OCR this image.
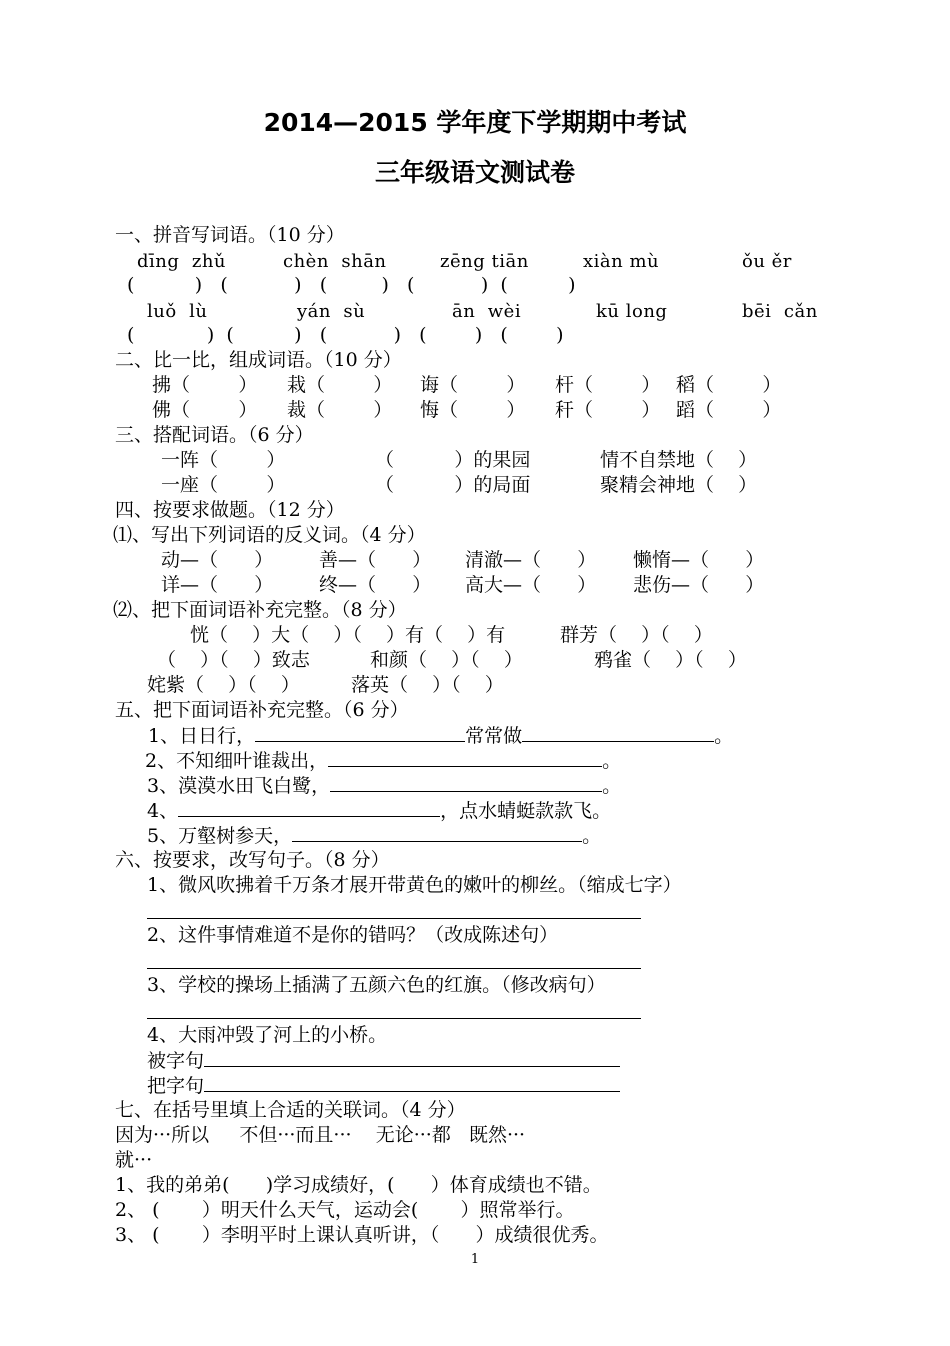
2014—2015 学年度下学期期中考试
三年级语文测试卷
一、拼音写词语。（10 分）
dīng  zhǔ	chèn  shān	zēng tiān	xiàn mù	ǒu ěr
(          )   (           )   (         )   (           )  (          )
luǒ  lù	yán  sù	ān  wèi	kū long	bēi  cǎn
(            )  (          )   (           )   (        )   (        )
二、比一比，组成词语。（10 分）
拂（        ） 栽（        ） 诲（        ） 杆（        ） 稻（        ）
佛（        ） 裁（        ） 悔（        ） 秆（        ） 蹈（        ）
三、搭配词语。（6 分）
一阵（        ）	（          ）的果园	情不自禁地（    ）
一座（        ）	（          ）的局面	聚精会神地（    ）
四、按要求做题。（12 分）
⑴、写出下列词语的反义词。（4 分）
动—（      ） 善—（      ） 清澈—（      ） 懒惰—（      ）
详—（      ） 终—（      ） 高大—（      ） 悲伤—（      ）
⑵、把下面词语补充完整。（8 分）
恍（    ）大（    ）（    ）有（    ）有	群芳（    ）（    ）
（    ）（    ）致志	和颜（    ）（    ）	鸦雀（    ）（    ）
姹紫（    ）（    ）	落英（    ）（    ）
五、把下面词语补充完整。（6 分）
1、日日行，	常常做	。
2、不知细叶谁裁出，	。
3、漠漠水田飞白鹭，	。
4、	，点水蜻蜓款款飞。
5、万壑树参天，	。
六、按要求，改写句子。（8 分）
1、微风吹拂着千万条才展开带黄色的嫩叶的柳丝。（缩成七字）
2、这件事情难道不是你的错吗？（改成陈述句）
3、学校的操场上插满了五颜六色的红旗。（修改病句）
4、大雨冲毁了河上的小桥。
被字句
把字句
七、在括号里填上合适的关联词。（4 分）
因为···所以     不但···而且···    无论···都   既然···
就···
1、我的弟弟(      )学习成绩好，(      ）体育成绩也不错。
2、 (       ）明天什么天气，运动会(       ）照常举行。
3、 (       ）李明平时上课认真听讲，（      ）成绩很优秀。
1
